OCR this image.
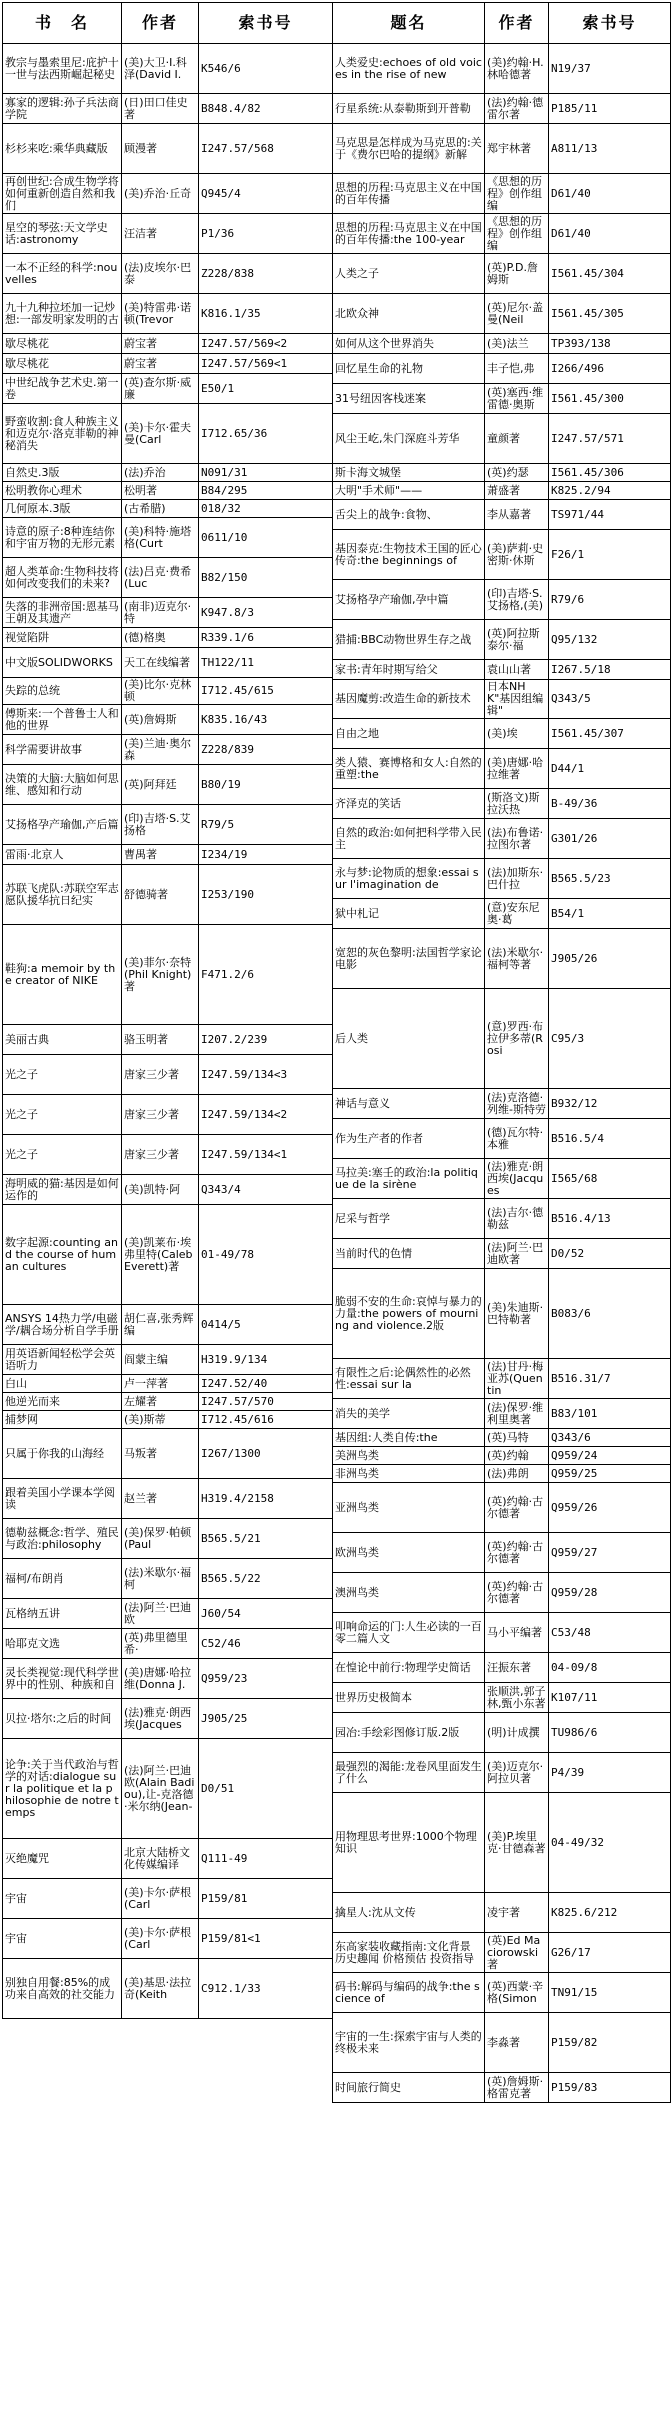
书　名	作者	索书号
教宗与墨索里尼:庇护十一世与法西斯崛起秘史	(美)大卫·I.科泽(David I.	K546/6
寡家的逻辑:孙子兵法商学院	(日)田口佳史著	B848.4/82
杉杉来吃:乘华典藏版	顾漫著	I247.57/568
再创世纪:合成生物学将如何重新创造自然和我们	(美)乔治·丘奇	Q945/4
星空的琴弦:天文学史话:astronomy	汪洁著	P1/36
一本不正经的科学:nouvelles	(法)皮埃尔·巴泰	Z228/838
九十九种拉坯加一记炒想:一部发明家发明的古	(美)特雷弗·诺顿(Trevor	K816.1/35
歇尽桃花	蔚宝著	I247.57/569<2
歇尽桃花	蔚宝著	I247.57/569<1
中世纪战争艺术史.第一卷	(英)查尔斯·威廉	E50/1
野蛮收割:食人种族主义和迈克尔·洛克菲勒的神秘消失	(美)卡尔·霍夫曼(Carl	I712.65/36
自然史.3版	(法)乔治	N091/31
松明教你心理术	松明著	B84/295
几何原本.3版	(古希腊)	018/32
诗意的原子:8种连结你和宇宙万物的无形元素	(美)科特·施塔格(Curt	0611/10
超人类革命:生物科技将如何改变我们的未来?	(法)吕克·费希(Luc	B82/150
失落的非洲帝国:恩基马王朝及其遗产	(南非)迈克尔·特	K947.8/3
视觉陷阱	(德)格奥	R339.1/6
中文版SOLIDWORKS	天工在线编著	TH122/11
失踪的总统	(美)比尔·克林顿	I712.45/615
傅斯来:一个普鲁士人和他的世界	(英)詹姆斯	K835.16/43
科学需要讲故事	(美)兰迪·奥尔森	Z228/839
决策的大脑:大脑如何思维、感知和行动	(英)阿拜廷	B80/19
艾扬格孕产瑜伽,产后篇	(印)吉塔·S.艾扬格	R79/5
雷雨·北京人	曹禺著	I234/19
苏联飞虎队:苏联空军志愿队援华抗日纪实	舒德骑著	I253/190
鞋狗:a memoir by the creator of NIKE	(美)菲尔·奈特(Phil Knight)著	F471.2/6
美丽古典	骆玉明著	I207.2/239
光之子	唐家三少著	I247.59/134<3
光之子	唐家三少著	I247.59/134<2
光之子	唐家三少著	I247.59/134<1
海明威的猫:基因是如何运作的	(美)凯特·阿	Q343/4
数字起源:counting and the course of human cultures	(美)凯莱布·埃弗里特(Caleb Everett)著	01-49/78
ANSYS 14热力学/电磁学/耦合场分析自学手册	胡仁喜,张秀辉编	0414/5
用英语新闻轻松学会英语听力	阎蒙主编	H319.9/134
白山	卢一萍著	I247.52/40
他逆光而来	左耀著	I247.57/570
捕梦网	(美)斯蒂	I712.45/616
只属于你我的山海经	马叛著	I267/1300
跟着美国小学课本学阅读	赵兰著	H319.4/2158
德勒兹概念:哲学、殖民与政治:philosophy	(美)保罗·帕顿(Paul	B565.5/21
福柯/布朗肖	(法)米歇尔·福柯	B565.5/22
瓦格纳五讲	(法)阿兰·巴迪欧	J60/54
哈耶克文选	(英)弗里德里希·	C52/46
灵长类视觉:现代科学世界中的性别、种族和自	(美)唐娜·哈拉维(Donna J.	Q959/23
贝拉·塔尔:之后的时间	(法)雅克·朗西埃(Jacques	J905/25
论争:关于当代政治与哲学的对话:dialogue sur la politique et la philosophie de notre temps	(法)阿兰·巴迪欧(Alain Badiou),让-克洛德·米尔纳(Jean-	D0/51
灭绝魔咒	北京大陆桥文化传媒编译	Q111-49
宇宙	(美)卡尔·萨根(Carl	P159/81
宇宙	(美)卡尔·萨根(Carl	P159/81<1
别独自用餐:85%的成功来自高效的社交能力	(美)基思·法拉奇(Keith	C912.1/33
题名	作者	索书号
人类爱史:echoes of old voices in the rise of new	(美)约翰·H.林哈德著	N19/37
行星系统:从泰勒斯到开普勒	(法)约翰·德雷尔著	P185/11
马克思是怎样成为马克思的:关于《费尔巴哈的提纲》新解	郑宇林著	A811/13
思想的历程:马克思主义在中国的百年传播	《思想的历程》创作组编	D61/40
思想的历程:马克思主义在中国的百年传播:the 100-year	《思想的历程》创作组编	D61/40
人类之子	(英)P.D.詹姆斯	I561.45/304
北欧众神	(英)尼尔·盖曼(Neil	I561.45/305
如何从这个世界消失	(美)法兰	TP393/138
回忆星生命的礼物	丰子恺,弗	I266/496
31号纽因客栈迷案	(英)塞西·维雷德·奥斯	I561.45/300
风尘王屹,朱门深庭斗芳华	童颜著	I247.57/571
斯卡海文城堡	(英)约瑟	I561.45/306
大明"手术师"——	萧盛著	K825.2/94
舌尖上的战争:食物、	李从嘉著	TS971/44
基因泰克:生物技术王国的匠心传奇:the beginnings of	(美)萨莉·史密斯·休斯	F26/1
艾扬格孕产瑜伽,孕中篇	(印)吉塔·S.艾扬格,(美)	R79/6
猎捕:BBC动物世界生存之战	(英)阿拉斯泰尔·福	Q95/132
家书:青年时期写给父	袁山山著	I267.5/18
基因魔剪:改造生命的新技术	日本NHK"基因组编辑"	Q343/5
自由之地	(美)埃	I561.45/307
类人猿、赛博格和女人:自然的重塑:the	(美)唐娜·哈拉维著	D44/1
齐泽克的笑话	(斯洛文)斯拉沃热	B-49/36
自然的政治:如何把科学带入民主	(法)布鲁诺·拉图尔著	G301/26
永与梦:论物质的想象:essai sur l'imagination de	(法)加斯东·巴什拉	B565.5/23
狱中札记	(意)安东尼奥·葛	B54/1
宽恕的灰色黎明:法国哲学家论电影	(法)米歇尔·福柯等著	J905/26
后人类	(意)罗西·布拉伊多蒂(Rosi	C95/3
神话与意义	(法)克洛德·列维-斯特劳	B932/12
作为生产者的作者	(德)瓦尔特·本雅	B516.5/4
马拉美:塞壬的政治:la politique de la sirène	(法)雅克·朗西埃(Jacques	I565/68
尼采与哲学	(法)吉尔·德勒兹	B516.4/13
当前时代的色情	(法)阿兰·巴迪欧著	D0/52
脆弱不安的生命:哀悼与暴力的力量:the powers of mourning and violence.2版	(美)朱迪斯·巴特勒著	B083/6
有限性之后:论偶然性的必然性:essai sur la	(法)甘丹·梅亚苏(Quentin	B516.31/7
消失的美学	(法)保罗·维利里奥著	B83/101
基因组:人类自传:the	(英)马特	Q343/6
美洲鸟类	(英)约翰	Q959/24
非洲鸟类	(法)弗朗	Q959/25
亚洲鸟类	(英)约翰·古尔德著	Q959/26
欧洲鸟类	(英)约翰·古尔德著	Q959/27
澳洲鸟类	(英)约翰·古尔德著	Q959/28
叩响命运的门:人生必读的一百零二篇人文	马小平编著	C53/48
在惶论中前行:物理学史简话	汪振东著	04-09/8
世界历史极简本	张顺洪,郭子林,甄小东著	K107/11
园冶:手绘彩图修订版.2版	(明)计成撰	TU986/6
最强烈的渴能:龙卷风里面发生了什么	(美)迈克尔·阿拉贝著	P4/39
用物理思考世界:1000个物理知识	(美)P.埃里克·甘德森著	04-49/32
擒星人:沈从文传	凌宇著	K825.6/212
东高家装收藏指南:文化背景 历史趣闻 价格预估 投资指导	(英)Ed Maciorowski著	G26/17
码书:解码与编码的战争:the science of	(英)西蒙·辛格(Simon	TN91/15
宇宙的一生:探索宇宙与人类的终极未来	李淼著	P159/82
时间旅行简史	(英)詹姆斯·格雷克著	P159/83
